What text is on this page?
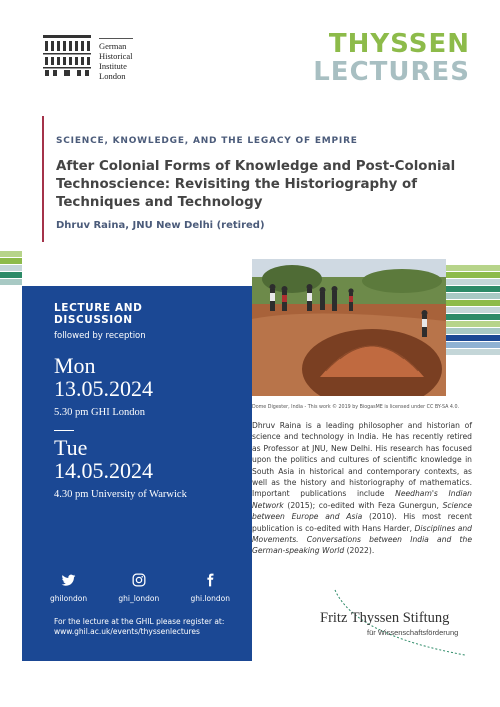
German
Historical
Institute
London
THYSSEN
LECTURES
SCIENCE, KNOWLEDGE, AND THE LEGACY OF EMPIRE
After Colonial Forms of Knowledge and Post-Colonial Technoscience: Revisiting the Historiography of Techniques and Technology
Dhruv Raina, JNU New Delhi (retired)
LECTURE AND DISCUSSION
followed by reception
Mon
13.05.2024
5.30 pm GHI London
Tue
14.05.2024
4.30 pm University of Warwick
ghilondon	ghi_london	ghi.london
For the lecture at the GHIL please register at:
www.ghil.ac.uk/events/thyssenlectures
Dome Digester, India - This work © 2019 by BiogasME is licensed under CC BY-SA 4.0.
Dhruv Raina is a leading philosopher and historian of science and technology in India. He has recently retired as Professor at JNU, New Delhi. His research has focused upon the politics and cultures of scientific knowledge in South Asia in historical and contemporary contexts, as well as the history and historiography of mathematics. Important publications include Needham's Indian Network (2015); co-edited with Feza Gunergun, Science between Europe and Asia (2010). His most recent publication is co-edited with Hans Harder, Disciplines and Movements. Conversations between India and the German-speaking World (2022).
Fritz Thyssen Stiftung
für Wissenschaftsförderung
